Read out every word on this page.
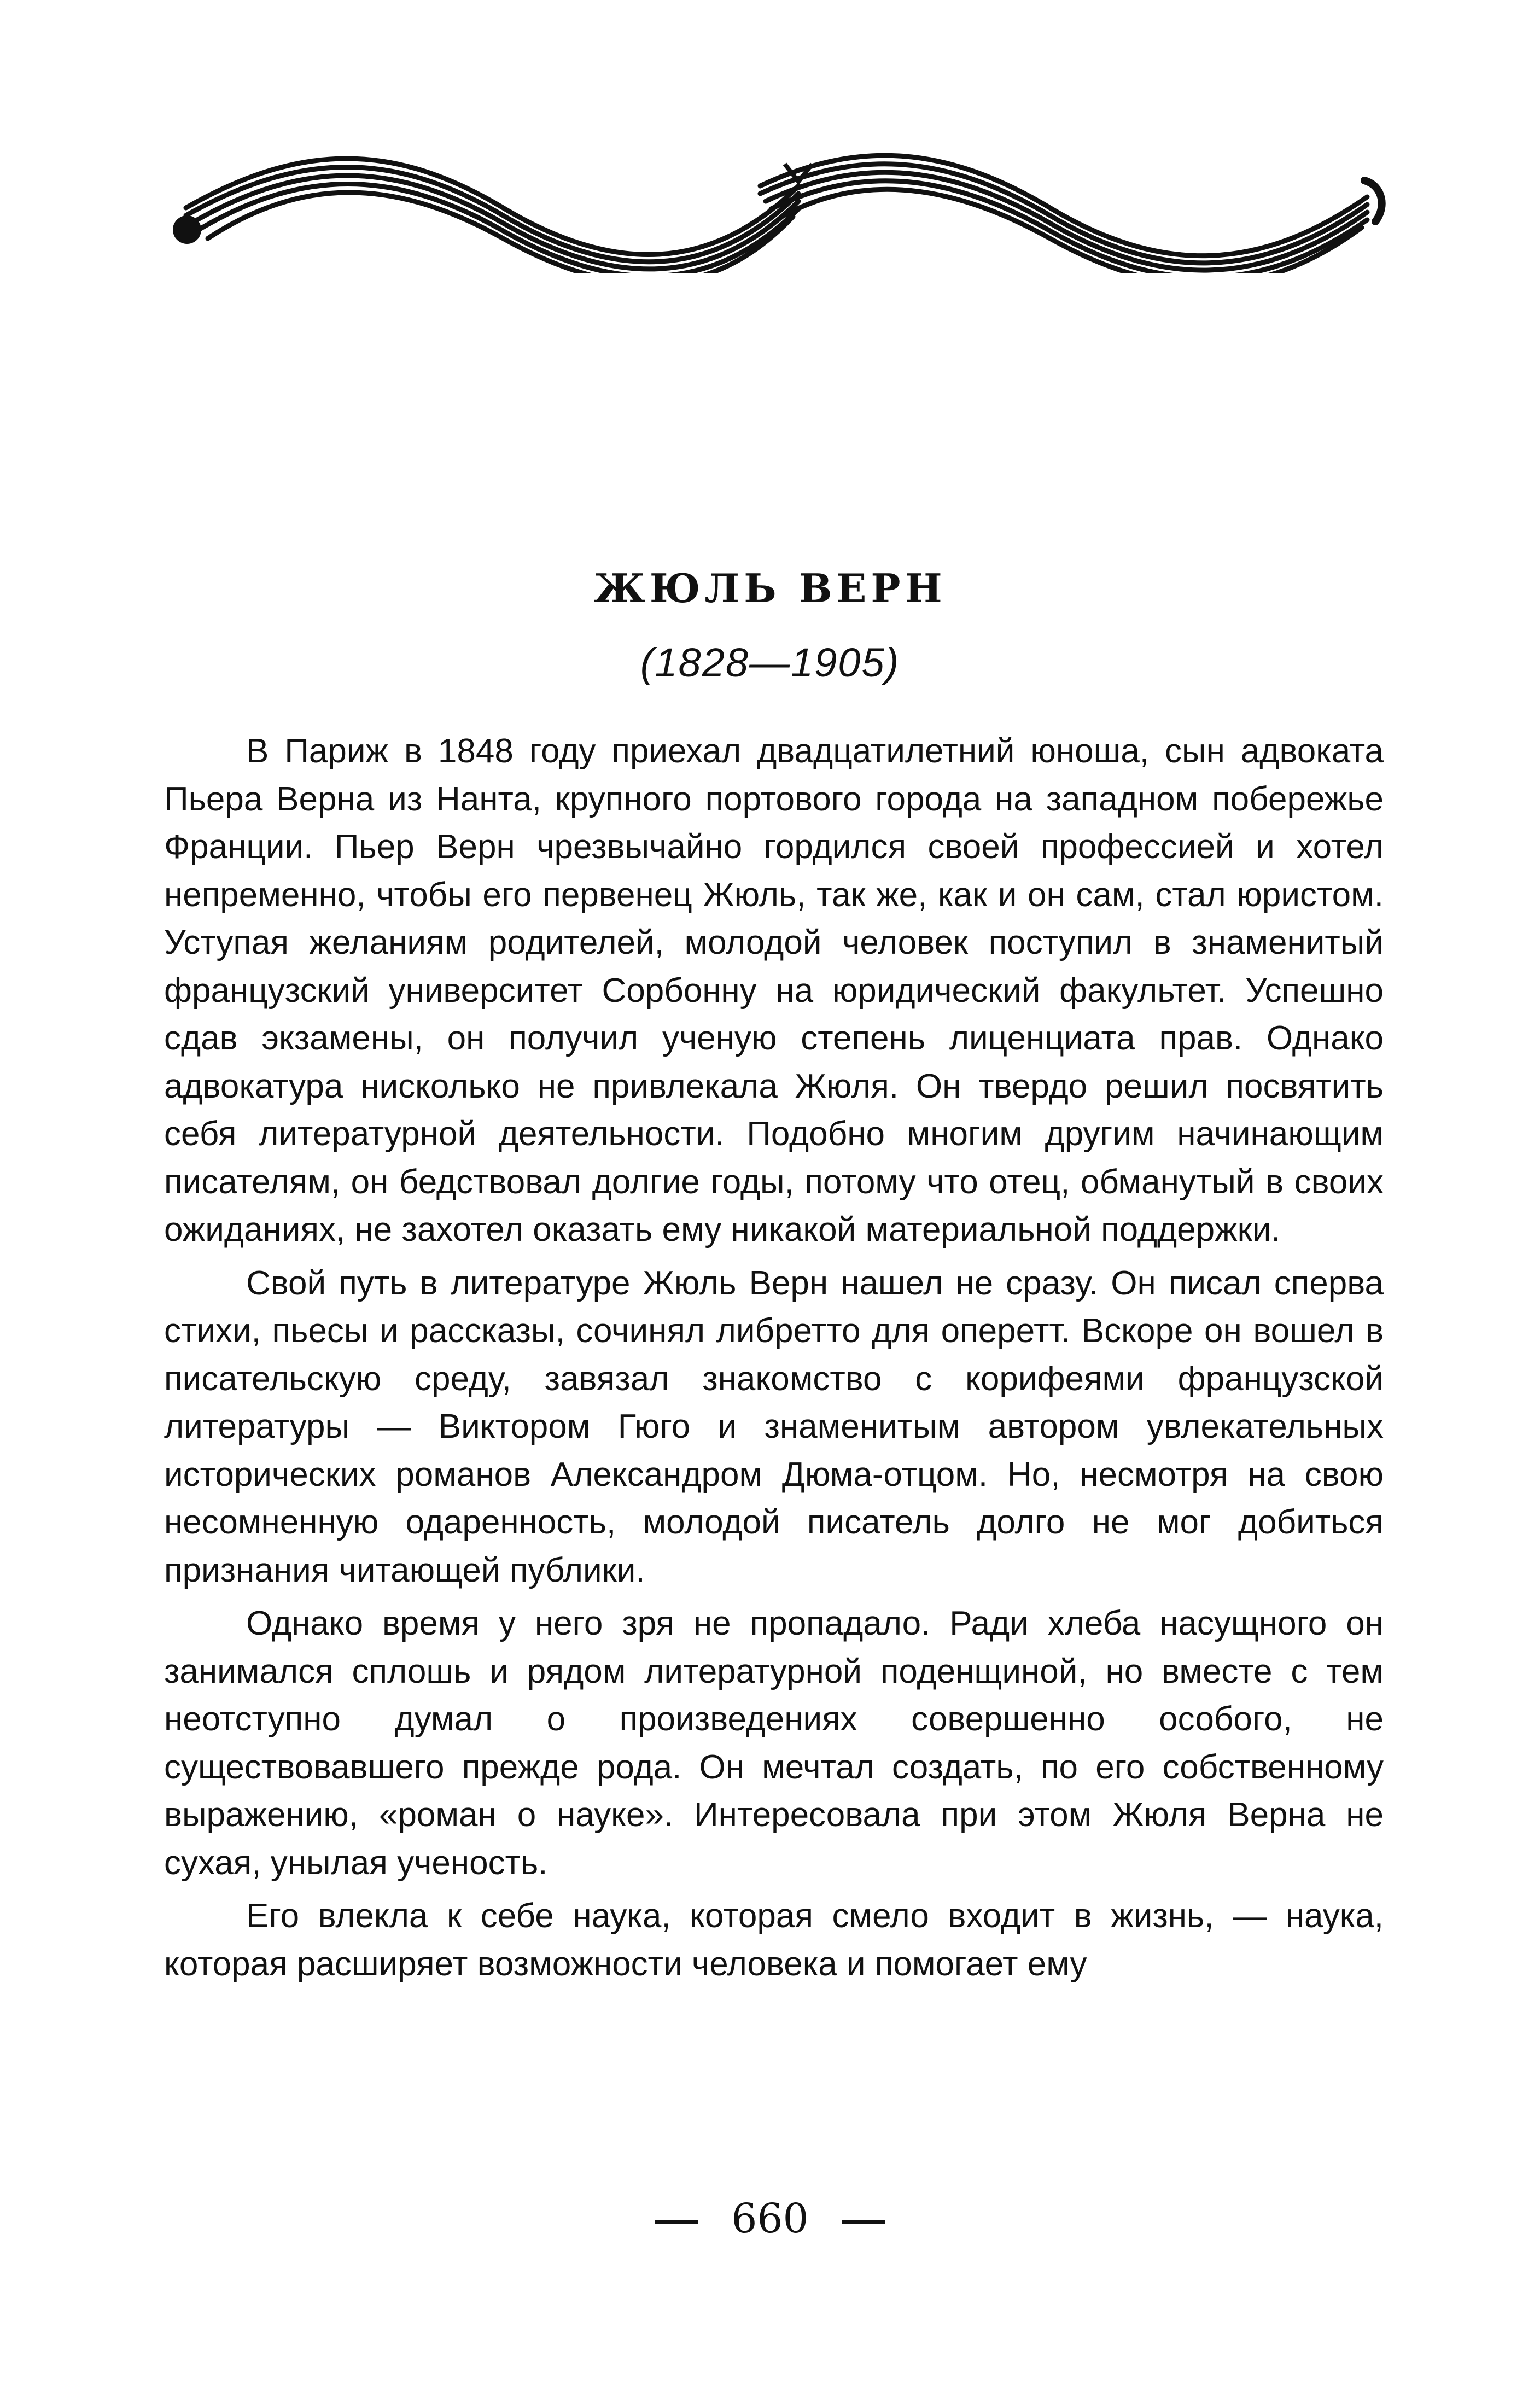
ЖЮЛЬ ВЕРН
(1828—1905)

В Париж в 1848 году приехал двадцатилетний юноша, сын адвоката Пьера Верна из Нанта, крупного портового города на западном побережье Франции. Пьер Верн чрезвычайно гордился своей профессией и хотел непременно, чтобы его первенец Жюль, так же, как и он сам, стал юристом. Уступая желаниям родителей, молодой человек поступил в знаменитый французский университет Сорбонну на юридический факультет. Успешно сдав экзамены, он получил ученую степень лиценциата прав. Однако адвокатура нисколько не привлекала Жюля. Он твердо решил посвятить себя литературной деятельности. Подобно многим другим начинающим писателям, он бедствовал долгие годы, потому что отец, обманутый в своих ожиданиях, не захотел оказать ему никакой материальной поддержки.

Свой путь в литературе Жюль Верн нашел не сразу. Он писал сперва стихи, пьесы и рассказы, сочинял либретто для оперетт. Вскоре он вошел в писательскую среду, завязал знакомство с корифеями французской литературы — Виктором Гюго и знаменитым автором увлекательных исторических романов Александром Дюма-отцом. Но, несмотря на свою несомненную одаренность, молодой писатель долго не мог добиться признания читающей публики.

Однако время у него зря не пропадало. Ради хлеба насущного он занимался сплошь и рядом литературной поденщиной, но вместе с тем неотступно думал о произведениях совершенно особого, не существовавшего прежде рода. Он мечтал создать, по его собственному выражению, «роман о науке». Интересовала при этом Жюля Верна не сухая, унылая ученость.

Его влекла к себе наука, которая смело входит в жизнь, — наука, которая расширяет возможности человека и помогает ему

660
